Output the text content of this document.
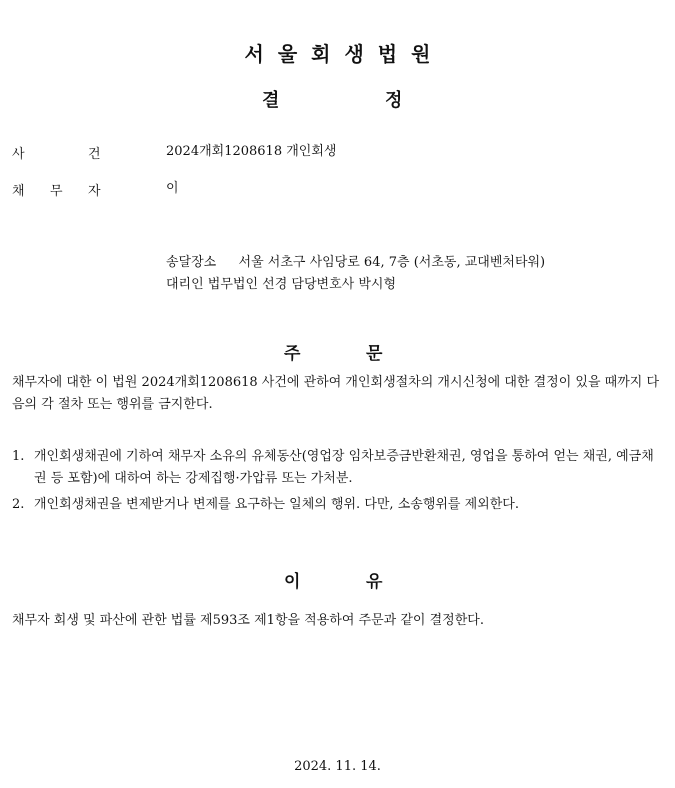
서울회생법원
결	정
사	건	2024개회1208618 개인회생
채 무 자	이
송달장소 서울 서초구 사임당로 64, 7층 (서초동, 교대벤처타워)
대리인 법무법인 선경 담당변호사 박시형
주	문
채무자에 대한 이 법원 2024개회1208618 사건에 관하여 개인회생절차의 개시신청에 대한 결정이 있을 때까지 다음의 각 절차 또는 행위를 금지한다.
1. 개인회생채권에 기하여 채무자 소유의 유체동산(영업장 임차보증금반환채권, 영업을 통하여 얻는 채권, 예금채권 등 포함)에 대하여 하는 강제집행·가압류 또는 가처분.
2. 개인회생채권을 변제받거나 변제를 요구하는 일체의 행위. 다만, 소송행위를 제외한다.
이	유
채무자 회생 및 파산에 관한 법률 제593조 제1항을 적용하여 주문과 같이 결정한다.
2024. 11. 14.
